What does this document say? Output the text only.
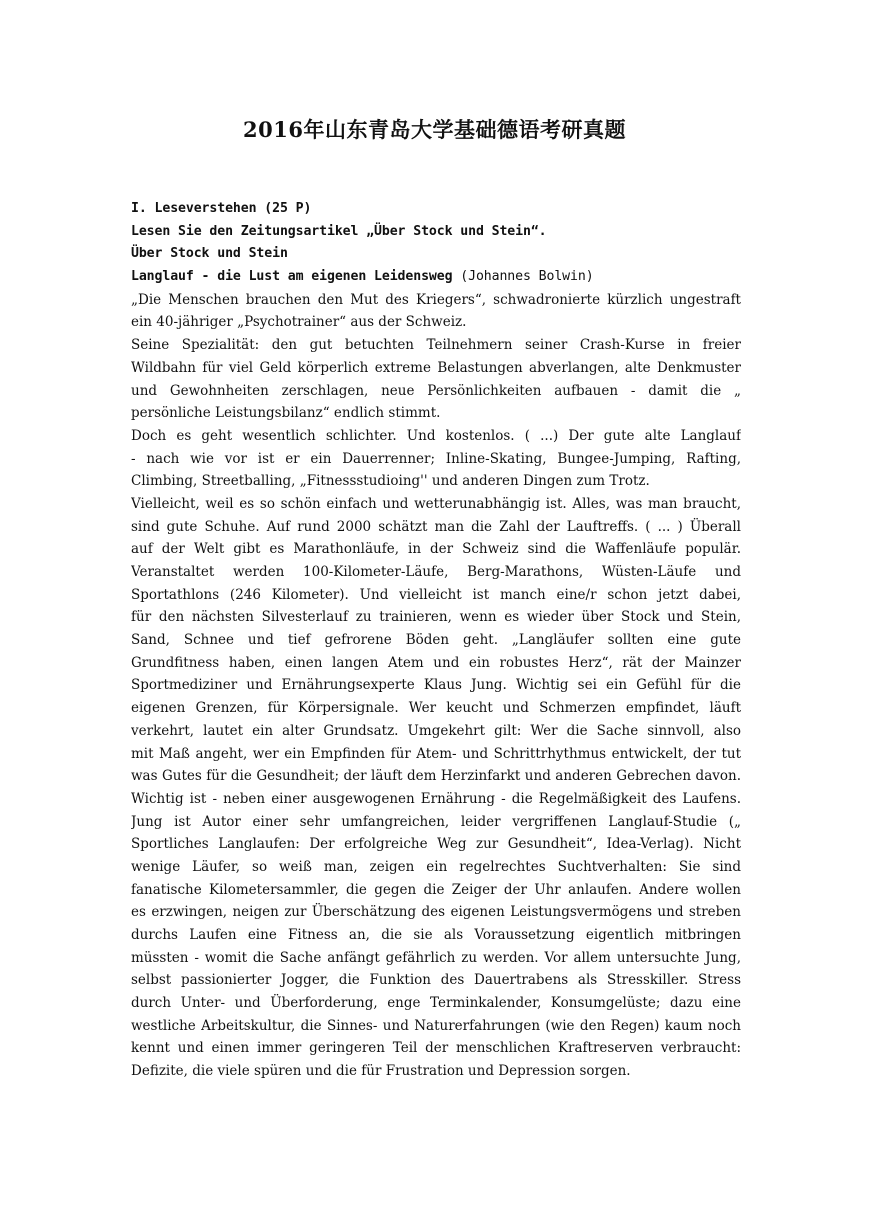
2016年山东青岛大学基础德语考研真题

I. Leseverstehen (25 P)

Lesen Sie den Zeitungsartikel „Über Stock und Stein“.

Über Stock und Stein

Langlauf - die Lust am eigenen Leidensweg (Johannes Bolwin)

„Die Menschen brauchen den Mut des Kriegers“, schwadronierte kürzlich ungestraft

ein 40-jähriger „Psychotrainer“ aus der Schweiz.

Seine Spezialität: den gut betuchten Teilnehmern seiner Crash-Kurse in freier

Wildbahn für viel Geld körperlich extreme Belastungen abverlangen, alte Denkmuster

und Gewohnheiten zerschlagen, neue Persönlichkeiten aufbauen - damit die „

persönliche Leistungsbilanz“ endlich stimmt.

Doch es geht wesentlich schlichter. Und kostenlos. ( ...) Der gute alte Langlauf

- nach wie vor ist er ein Dauerrenner; Inline-Skating, Bungee-Jumping, Rafting,

Climbing, Streetballing, „Fitnessstudioing'' und anderen Dingen zum Trotz.

Vielleicht, weil es so schön einfach und wetterunabhängig ist. Alles, was man braucht,

sind gute Schuhe. Auf rund 2000 schätzt man die Zahl der Lauftreffs. ( ... ) Überall

auf der Welt gibt es Marathonläufe, in der Schweiz sind die Waffenläufe populär.

Veranstaltet werden 100-Kilometer-Läufe, Berg-Marathons, Wüsten-Läufe und

Sportathlons (246 Kilometer). Und vielleicht ist manch eine/r schon jetzt dabei,

für den nächsten Silvesterlauf zu trainieren, wenn es wieder über Stock und Stein,

Sand, Schnee und tief gefrorene Böden geht. „Langläufer sollten eine gute

Grundfitness haben, einen langen Atem und ein robustes Herz“, rät der Mainzer

Sportmediziner und Ernährungsexperte Klaus Jung. Wichtig sei ein Gefühl für die

eigenen Grenzen, für Körpersignale. Wer keucht und Schmerzen empfindet, läuft

verkehrt, lautet ein alter Grundsatz. Umgekehrt gilt: Wer die Sache sinnvoll, also

mit Maß angeht, wer ein Empfinden für Atem- und Schrittrhythmus entwickelt, der tut

was Gutes für die Gesundheit; der läuft dem Herzinfarkt und anderen Gebrechen davon.

Wichtig ist - neben einer ausgewogenen Ernährung - die Regelmäßigkeit des Laufens.

Jung ist Autor einer sehr umfangreichen, leider vergriffenen Langlauf-Studie („

Sportliches Langlaufen: Der erfolgreiche Weg zur Gesundheit“, Idea-Verlag). Nicht

wenige Läufer, so weiß man, zeigen ein regelrechtes Suchtverhalten: Sie sind

fanatische Kilometersammler, die gegen die Zeiger der Uhr anlaufen. Andere wollen

es erzwingen, neigen zur Überschätzung des eigenen Leistungsvermögens und streben

durchs Laufen eine Fitness an, die sie als Voraussetzung eigentlich mitbringen

müssten - womit die Sache anfängt gefährlich zu werden. Vor allem untersuchte Jung,

selbst passionierter Jogger, die Funktion des Dauertrabens als Stresskiller. Stress

durch Unter- und Überforderung, enge Terminkalender, Konsumgelüste; dazu eine

westliche Arbeitskultur, die Sinnes- und Naturerfahrungen (wie den Regen) kaum noch

kennt und einen immer geringeren Teil der menschlichen Kraftreserven verbraucht:

Defizite, die viele spüren und die für Frustration und Depression sorgen.
